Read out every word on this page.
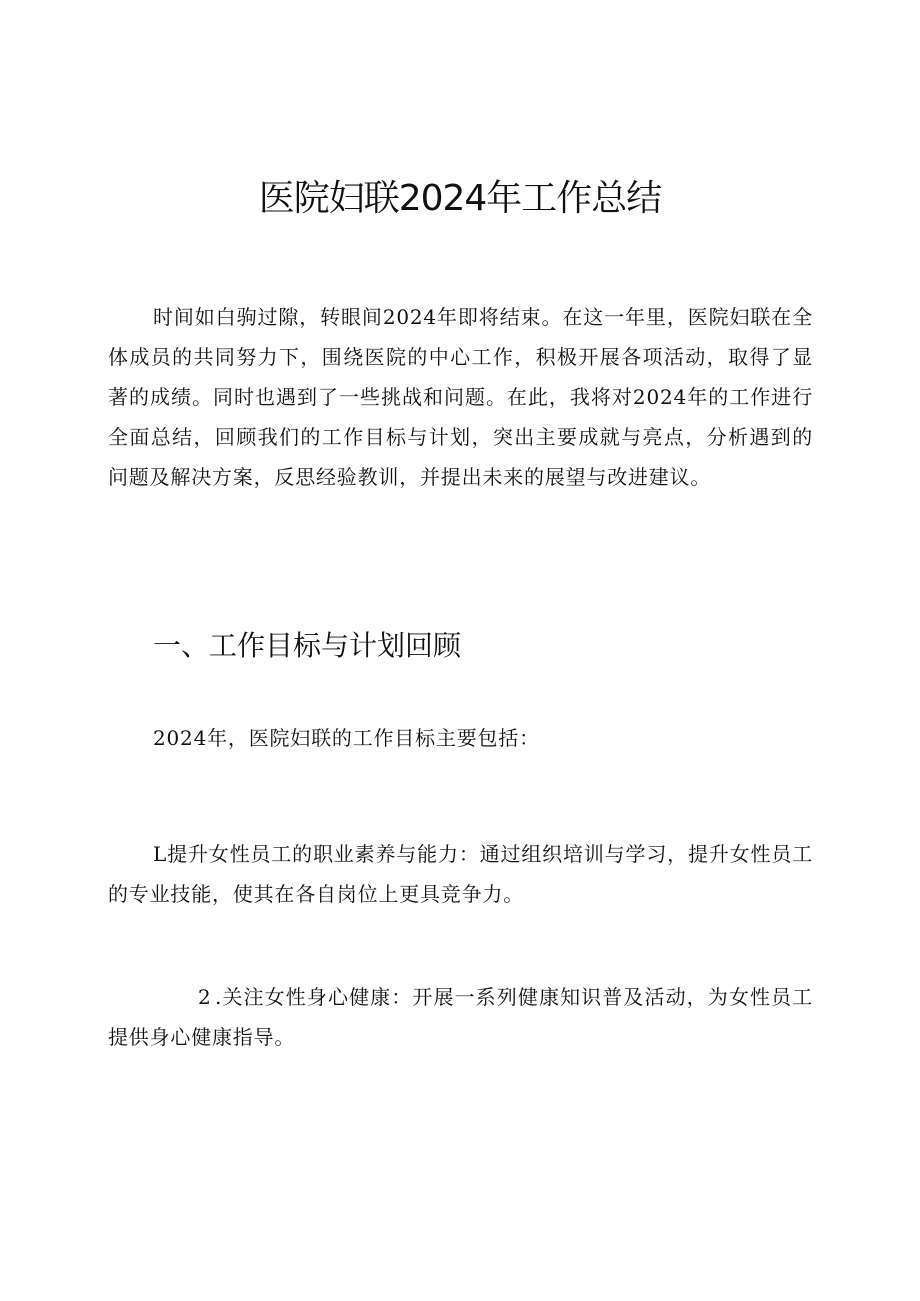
医院妇联2024年工作总结

时间如白驹过隙，转眼间2024年即将结束。在这一年里，医院妇联在全体成员的共同努力下，围绕医院的中心工作，积极开展各项活动，取得了显著的成绩。同时也遇到了一些挑战和问题。在此，我将对2024年的工作进行全面总结，回顾我们的工作目标与计划，突出主要成就与亮点，分析遇到的问题及解决方案，反思经验教训，并提出未来的展望与改进建议。

一、工作目标与计划回顾
2024年，医院妇联的工作目标主要包括：

L提升女性员工的职业素养与能力：通过组织培训与学习，提升女性员工的专业技能，使其在各自岗位上更具竞争力。

2 .关注女性身心健康：开展一系列健康知识普及活动，为女性员工提供身心健康指导。
